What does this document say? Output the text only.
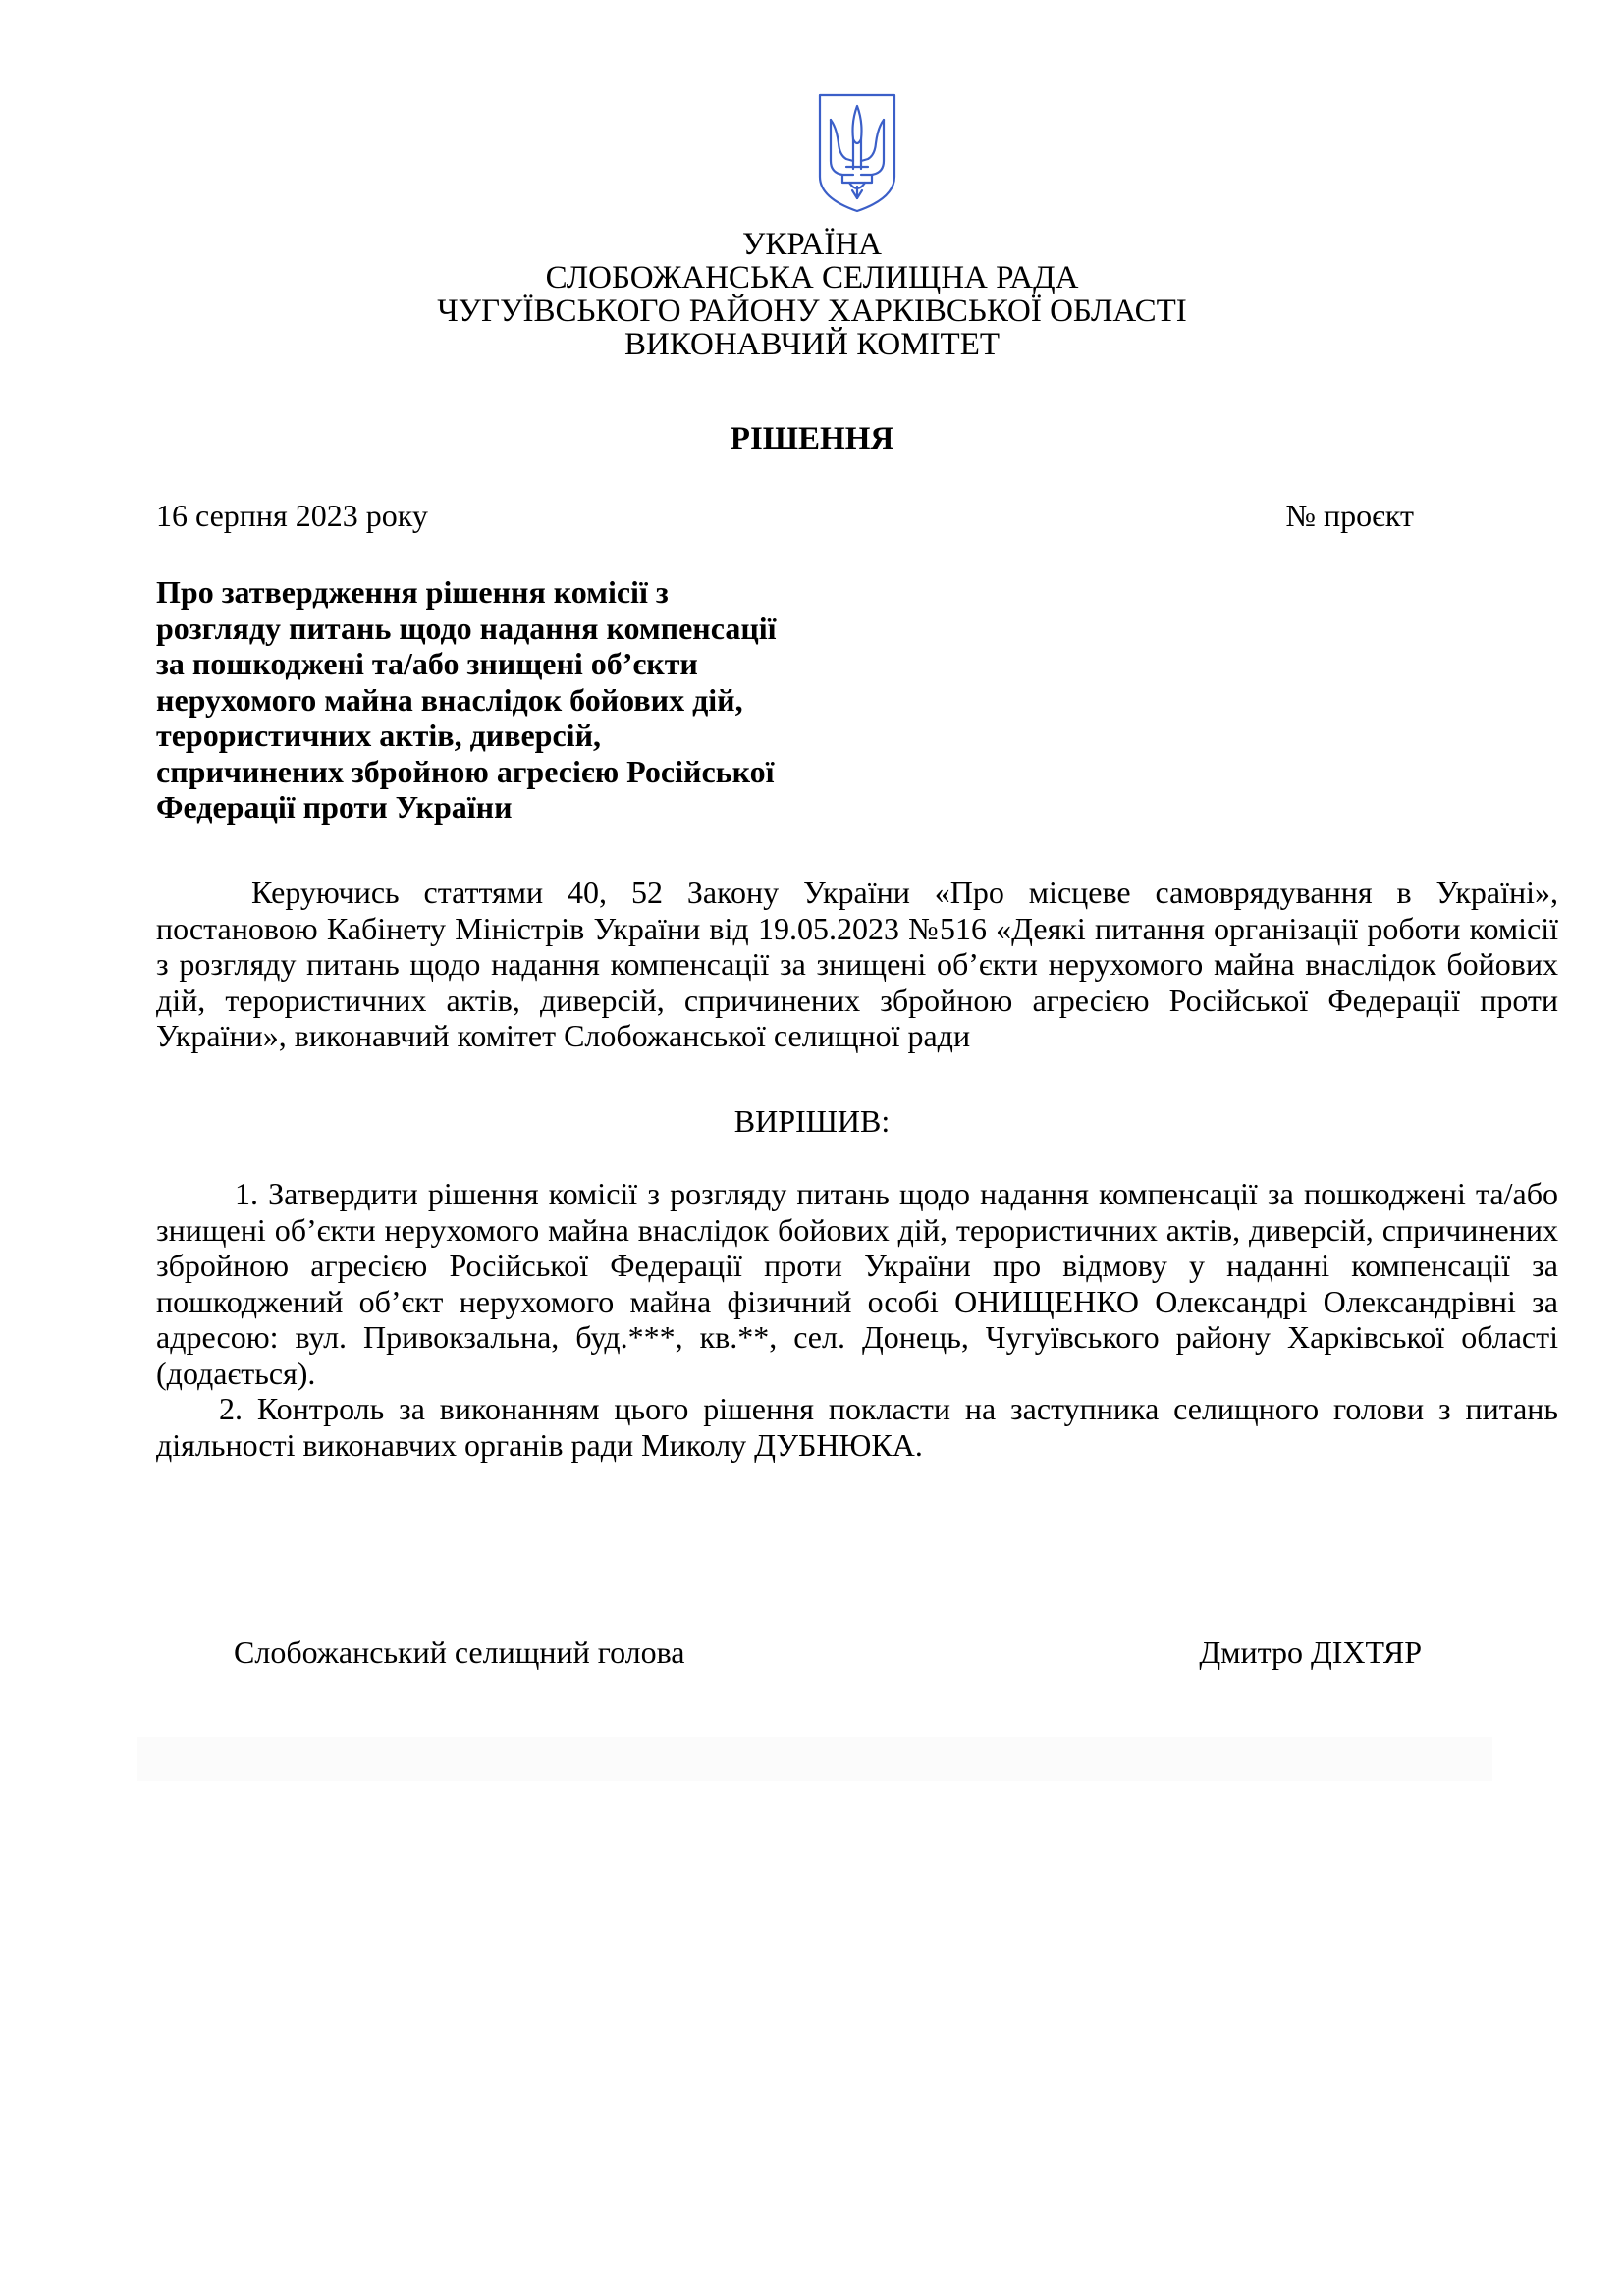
УКРАЇНА
СЛОБОЖАНСЬКА СЕЛИЩНА РАДА
ЧУГУЇВСЬКОГО РАЙОНУ ХАРКІВСЬКОЇ ОБЛАСТІ
ВИКОНАВЧИЙ КОМІТЕТ
РІШЕННЯ
16 серпня 2023 року	№ проєкт
Про затвердження рішення комісії з
розгляду питань щодо надання компенсації
за пошкоджені та/або знищені об’єкти
нерухомого майна внаслідок бойових дій,
терористичних актів, диверсій,
спричинених збройною агресією Російської
Федерації проти України
Керуючись статтями 40, 52 Закону України «Про місцеве самоврядування в Україні», постановою Кабінету Міністрів України від 19.05.2023 №516 «Деякі питання організації роботи комісії з розгляду питань щодо надання компенсації за знищені об’єкти нерухомого майна внаслідок бойових дій, терористичних актів, диверсій, спричинених збройною агресією Російської Федерації проти України», виконавчий комітет Слобожанської селищної ради
ВИРІШИВ:
1. Затвердити рішення комісії з розгляду питань щодо надання компенсації за пошкоджені та/або знищені об’єкти нерухомого майна внаслідок бойових дій, терористичних актів, диверсій, спричинених збройною агресією Російської Федерації проти України про відмову у наданні компенсації за пошкоджений об’єкт нерухомого майна фізичний особі ОНИЩЕНКО Олександрі Олександрівні за адресою: вул. Привокзальна, буд.***, кв.**, сел. Донець, Чугуївського району Харківської області (додається).
2. Контроль за виконанням цього рішення покласти на заступника селищного голови з питань діяльності виконавчих органів ради Миколу ДУБНЮКА.
Слобожанський селищний голова	Дмитро ДІХТЯР
